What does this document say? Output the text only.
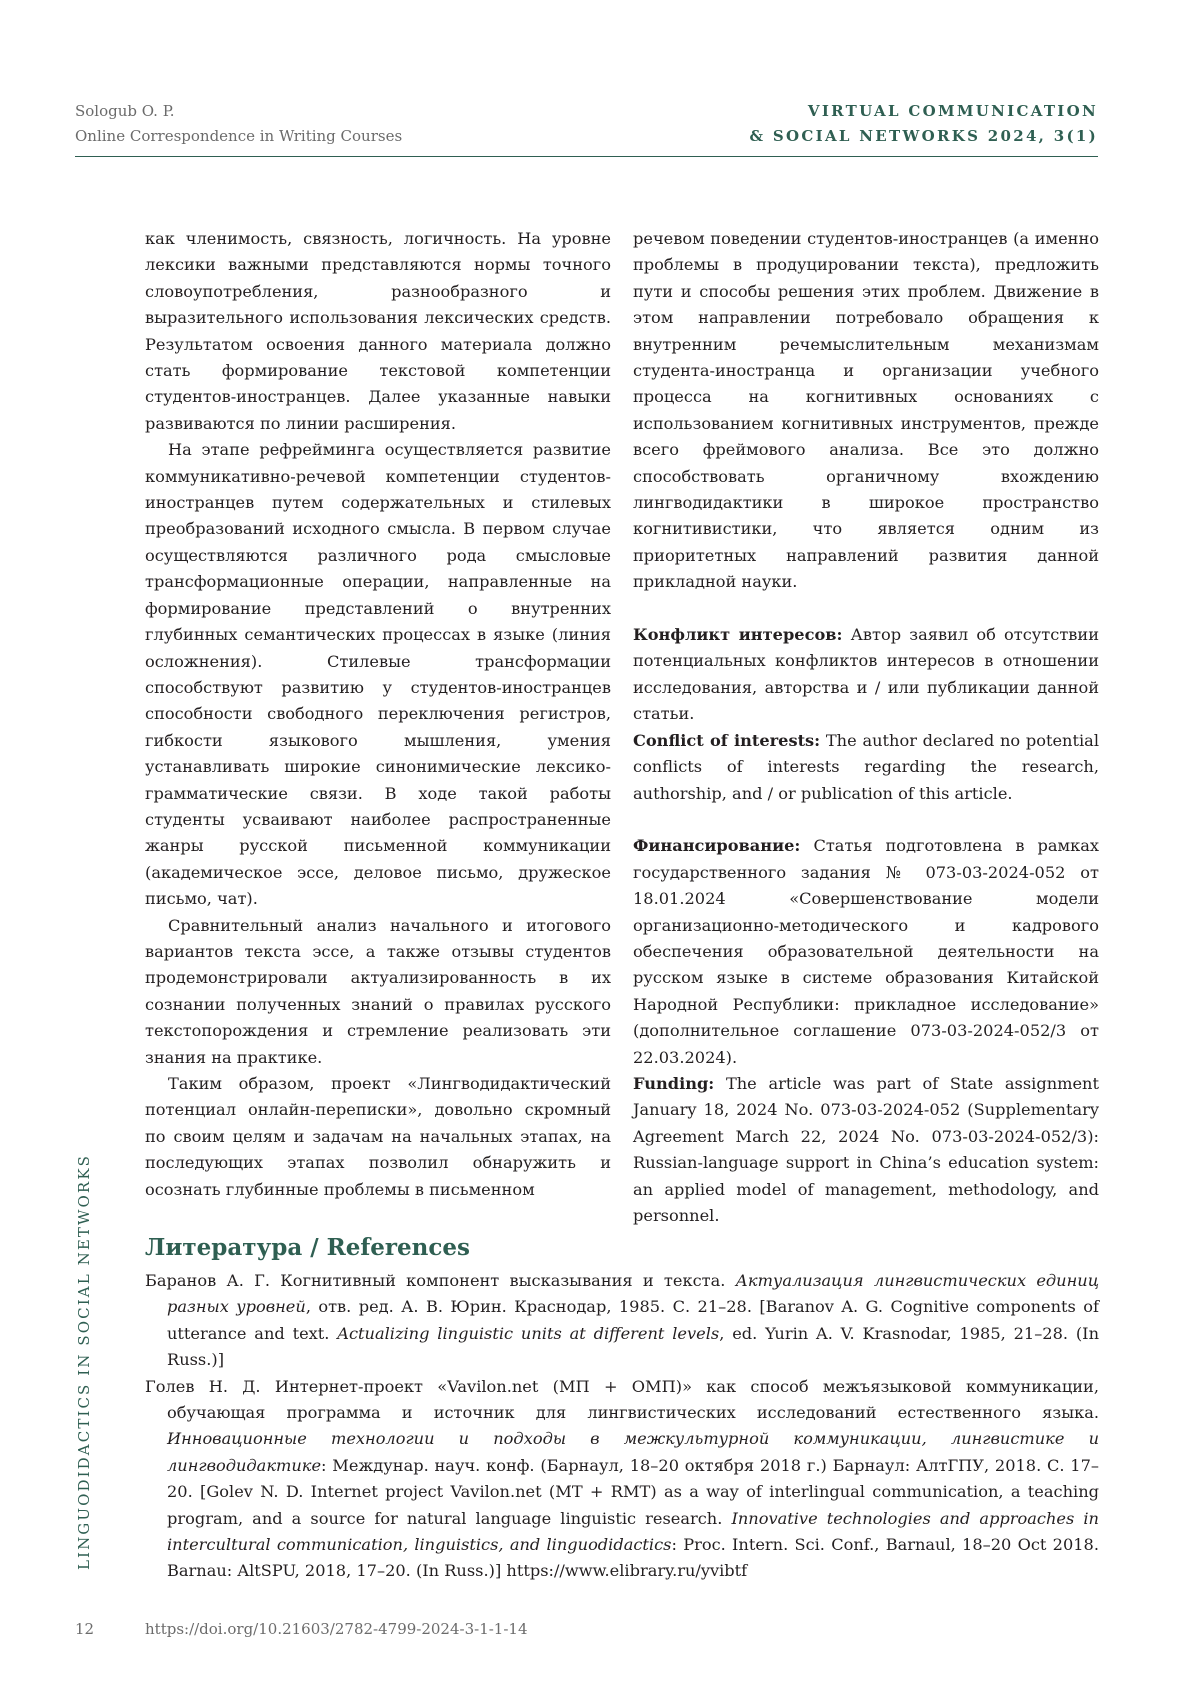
Sologub O. P.
Online Correspondence in Writing Courses
VIRTUAL COMMUNICATION
& SOCIAL NETWORKS 2024, 3(1)
LINGUODIDACTICS IN SOCIAL NETWORKS

как членимость, связность, логичность. На уровне лексики важными представляются нормы точного словоупотребления, разнообразного и выразительного использования лексических средств. Результатом освоения данного материала должно стать формирование текстовой компетенции студентов-иностранцев. Далее указанные навыки развиваются по линии расширения.

На этапе рефрейминга осуществляется развитие коммуникативно-речевой компетенции студентов-иностранцев путем содержательных и стилевых преобразований исходного смысла. В первом случае осуществляются различного рода смысловые трансформационные операции, направленные на формирование представлений о внутренних глубинных семантических процессах в языке (линия осложнения). Стилевые трансформации способствуют развитию у студентов-иностранцев способности свободного переключения регистров, гибкости языкового мышления, умения устанавливать широкие синонимические лексико-грамматические связи. В ходе такой работы студенты усваивают наиболее распространенные жанры русской письменной коммуникации (академическое эссе, деловое письмо, дружеское письмо, чат).

Сравнительный анализ начального и итогового вариантов текста эссе, а также отзывы студентов продемонстрировали актуализированность в их сознании полученных знаний о правилах русского текстопорождения и стремление реализовать эти знания на практике.

Таким образом, проект «Лингводидактический потенциал онлайн-переписки», довольно скромный по своим целям и задачам на начальных этапах, на последующих этапах позволил обнаружить и осознать глубинные проблемы в письменном

речевом поведении студентов-иностранцев (а именно проблемы в продуцировании текста), предложить пути и способы решения этих проблем. Движение в этом направлении потребовало обращения к внутренним речемыслительным механизмам студента-иностранца и организации учебного процесса на когнитивных основаниях с использованием когнитивных инструментов, прежде всего фреймового анализа. Все это должно способствовать органичному вхождению лингводидактики в широкое пространство когнитивистики, что является одним из приоритетных направлений развития данной прикладной науки.

Конфликт интересов: Автор заявил об отсутствии потенциальных конфликтов интересов в отношении исследования, авторства и / или публикации данной статьи.

Conflict of interests: The author declared no potential conflicts of interests regarding the research, authorship, and / or publication of this article.

Финансирование: Статья подготовлена в рамках государственного задания № 073-03-2024-052 от 18.01.2024 «Совершенствование модели организационно-методического и кадрового обеспечения образовательной деятельности на русском языке в системе образования Китайской Народной Республики: прикладное исследование» (дополнительное соглашение 073-03-2024-052/3 от 22.03.2024).

Funding: The article was part of State assignment January 18, 2024 No. 073-03-2024-052 (Supplementary Agreement March 22, 2024 No. 073-03-2024-052/3): Russian-language support in China’s education system: an applied model of management, methodology, and personnel.

Литература / References

Баранов А. Г. Когнитивный компонент высказывания и текста. Актуализация лингвистических единиц разных уровней, отв. ред. А. В. Юрин. Краснодар, 1985. С. 21–28. [Baranov A. G. Cognitive components of utterance and text. Actualizing linguistic units at different levels, ed. Yurin A. V. Krasnodar, 1985, 21–28. (In Russ.)]

Голев Н. Д. Интернет-проект «Vavilon.net (МП + ОМП)» как способ межъязыковой коммуникации, обучающая программа и источник для лингвистических исследований естественного языка. Инновационные технологии и подходы в межкультурной коммуникации, лингвистике и лингводидактике: Междунар. науч. конф. (Барнаул, 18–20 октября 2018 г.) Барнаул: АлтГПУ, 2018. С. 17–20. [Golev N. D. Internet project Vavilon.net (MT + RMT) as a way of interlingual communication, a teaching program, and a source for natural language linguistic research. Innovative technologies and approaches in intercultural communication, linguistics, and linguodidactics: Proc. Intern. Sci. Conf., Barnaul, 18–20 Oct 2018. Barnau: AltSPU, 2018, 17–20. (In Russ.)] https://www.elibrary.ru/yvibtf

12	https://doi.org/10.21603/2782-4799-2024-3-1-1-14
